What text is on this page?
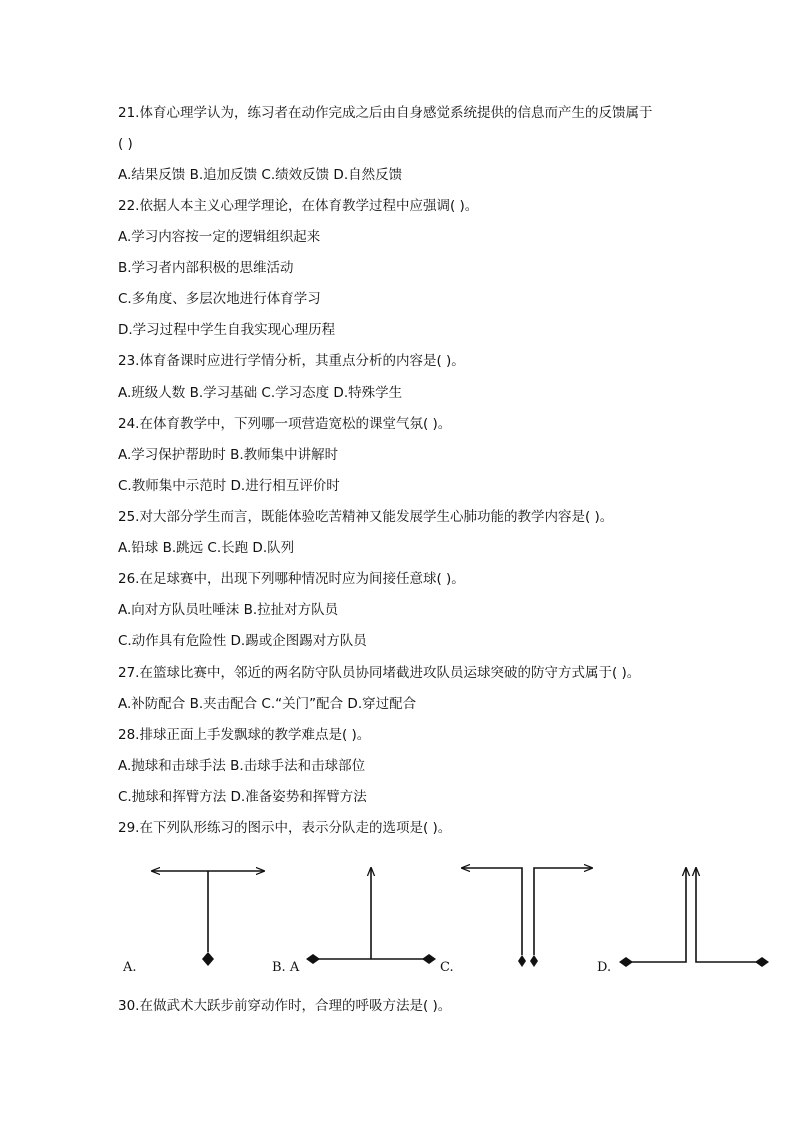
21.体育心理学认为，练习者在动作完成之后由自身感觉系统提供的信息而产生的反馈属于
( )
A.结果反馈 B.追加反馈 C.绩效反馈 D.自然反馈
22.依据人本主义心理学理论，在体育教学过程中应强调( )。
A.学习内容按一定的逻辑组织起来
B.学习者内部积极的思维活动
C.多角度、多层次地进行体育学习
D.学习过程中学生自我实现心理历程
23.体育备课时应进行学情分析，其重点分析的内容是( )。
A.班级人数 B.学习基础 C.学习态度 D.特殊学生
24.在体育教学中，下列哪一项营造宽松的课堂气氛( )。
A.学习保护帮助时 B.教师集中讲解时
C.教师集中示范时 D.进行相互评价时
25.对大部分学生而言，既能体验吃苦精神又能发展学生心肺功能的教学内容是( )。
A.铅球 B.跳远 C.长跑 D.队列
26.在足球赛中，出现下列哪种情况时应为间接任意球( )。
A.向对方队员吐唾沫 B.拉扯对方队员
C.动作具有危险性 D.踢或企图踢对方队员
27.在篮球比赛中，邻近的两名防守队员协同堵截进攻队员运球突破的防守方式属于( )。
A.补防配合 B.夹击配合 C.“关门”配合 D.穿过配合
28.排球正面上手发飘球的教学难点是( )。
A.抛球和击球手法 B.击球手法和击球部位
C.抛球和挥臂方法 D.准备姿势和挥臂方法
29.在下列队形练习的图示中，表示分队走的选项是( )。
A.	B. A	C.	D.
30.在做武术大跃步前穿动作时，合理的呼吸方法是( )。
